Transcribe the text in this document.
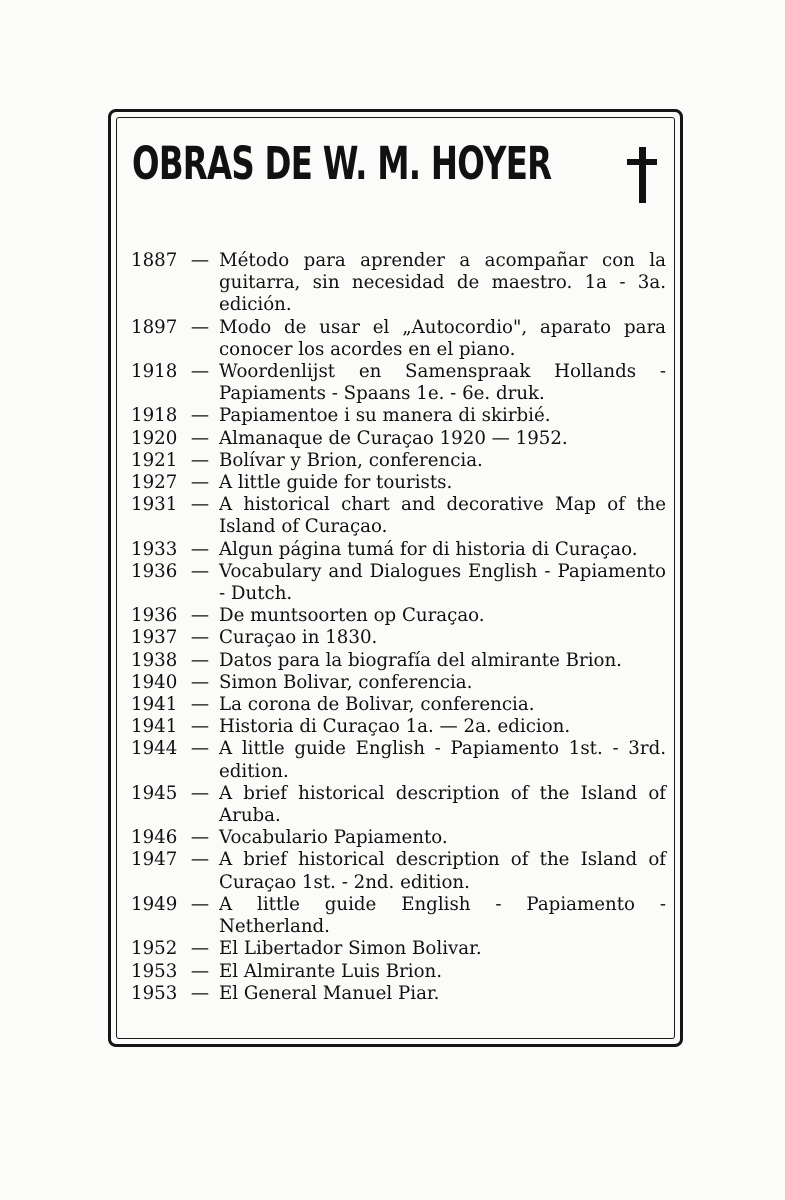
OBRAS DE W. M. HOYER
1887 — Método para aprender a acompañar con la guitarra, sin necesidad de maestro. 1a - 3a. edición.
1897 — Modo de usar el „Autocordio", aparato para conocer los acordes en el piano.
1918 — Woordenlijst en Samenspraak Hollands - Papiaments - Spaans 1e. - 6e. druk.
1918 — Papiamentoe i su manera di skirbié.
1920 — Almanaque de Curaçao 1920 — 1952.
1921 — Bolívar y Brion, conferencia.
1927 — A little guide for tourists.
1931 — A historical chart and decorative Map of the Island of Curaçao.
1933 — Algun página tumá for di historia di Curaçao.
1936 — Vocabulary and Dialogues English - Papiamento - Dutch.
1936 — De muntsoorten op Curaçao.
1937 — Curaçao in 1830.
1938 — Datos para la biografía del almirante Brion.
1940 — Simon Bolivar, conferencia.
1941 — La corona de Bolivar, conferencia.
1941 — Historia di Curaçao 1a. — 2a. edicion.
1944 — A little guide English - Papiamento 1st. - 3rd. edition.
1945 — A brief historical description of the Island of Aruba.
1946 — Vocabulario Papiamento.
1947 — A brief historical description of the Island of Curaçao 1st. - 2nd. edition.
1949 — A little guide English - Papiamento - Netherland.
1952 — El Libertador Simon Bolivar.
1953 — El Almirante Luis Brion.
1953 — El General Manuel Piar.
